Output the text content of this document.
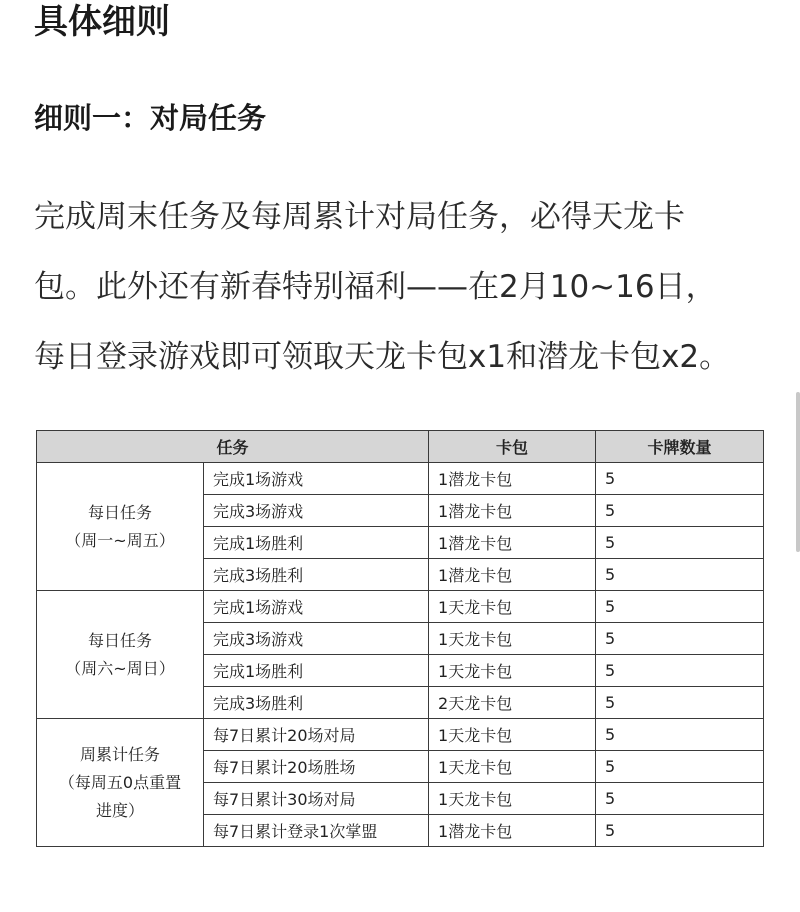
具体细则
细则一：对局任务

完成周末任务及每周累计对局任务，必得天龙卡
包。此外还有新春特别福利——在2月10~16日，
每日登录游戏即可领取天龙卡包x1和潜龙卡包x2。

任务		卡包	卡牌数量

每日任务
（周一~周五）	完成1场游戏	1潜龙卡包	5
	完成3场游戏	1潜龙卡包	5
	完成1场胜利	1潜龙卡包	5
	完成3场胜利	1潜龙卡包	5

每日任务
（周六~周日）	完成1场游戏	1天龙卡包	5
	完成3场游戏	1天龙卡包	5
	完成1场胜利	1天龙卡包	5
	完成3场胜利	2天龙卡包	5

周累计任务
（每周五0点重置
进度）	每7日累计20场对局	1天龙卡包	5
	每7日累计20场胜场	1天龙卡包	5
	每7日累计30场对局	1天龙卡包	5
	每7日累计登录1次掌盟	1潜龙卡包	5
